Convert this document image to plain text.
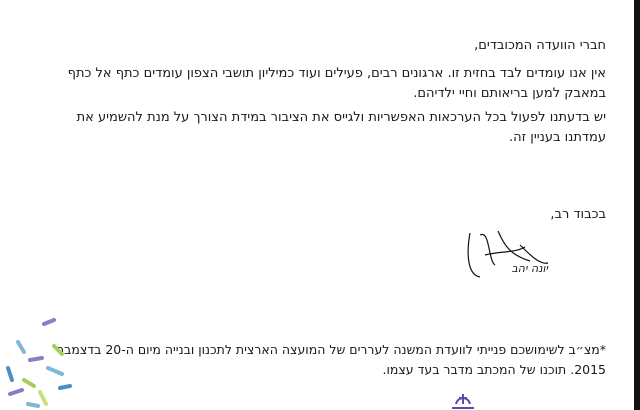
חברי הוועדה המכובדים,
אין אנו עומדים לבד בחזית זו. ארגונים רבים, פעילים ועוד כמיליון תושבי הצפון עומדים כתף אל כתף במאבק למען בריאותם וחיי ילדיהם.
יש בדעתנו לפעול בכל הערכאות האפשריות ולגייס את הציבור במידת הצורך על מנת להשמיע את עמדתנו בעניין זה.
בכבוד רב,
יונה יהב
*מצ״ב לשימושכם פנייתי לוועדת המשנה לעררים של המועצה הארצית לתכנון ובנייה מיום ה-20 בדצמבר 2015. תוכנו של המכתב מדבר בעד עצמו.
